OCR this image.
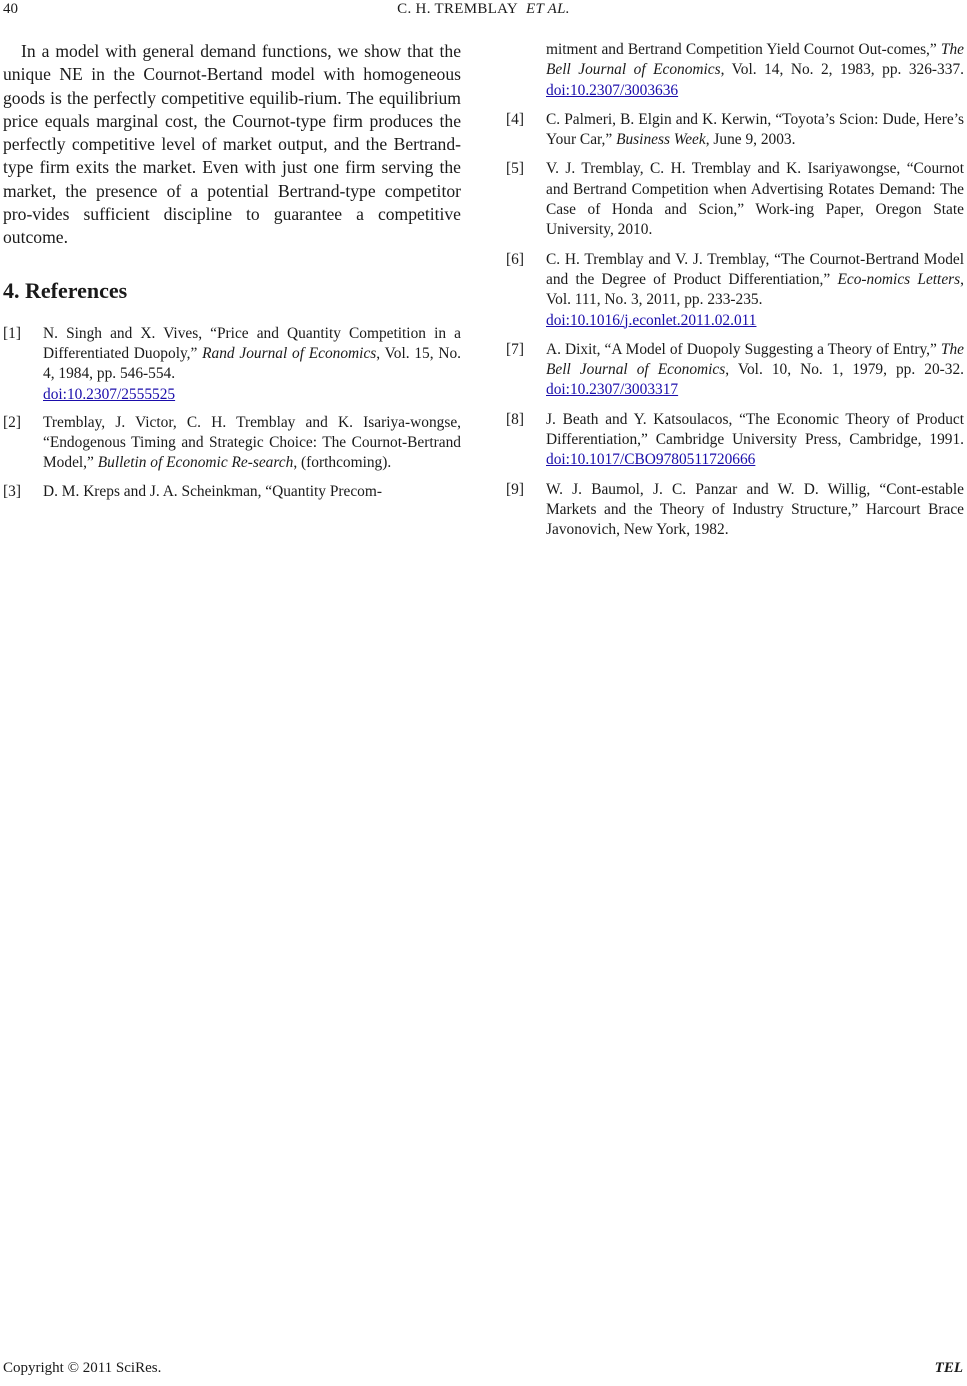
40	C. H. TREMBLAY ET AL.

In a model with general demand functions, we show that the unique NE in the Cournot-Bertand model with homogeneous goods is the perfectly competitive equilib-rium. The equilibrium price equals marginal cost, the Cournot-type firm produces the perfectly competitive level of market output, and the Bertrand-type firm exits the market. Even with just one firm serving the market, the presence of a potential Bertrand-type competitor pro-vides sufficient discipline to guarantee a competitive outcome.

4. References
[1] N. Singh and X. Vives, “Price and Quantity Competition in a Differentiated Duopoly,” Rand Journal of Economics, Vol. 15, No. 4, 1984, pp. 546-554.
doi:10.2307/2555525
[2] Tremblay, J. Victor, C. H. Tremblay and K. Isariya-wongse, “Endogenous Timing and Strategic Choice: The Cournot-Bertrand Model,” Bulletin of Economic Re-search, (forthcoming).
[3] D. M. Kreps and J. A. Scheinkman, “Quantity Precom-
mitment and Bertrand Competition Yield Cournot Out-comes,” The Bell Journal of Economics, Vol. 14, No. 2, 1983, pp. 326-337. doi:10.2307/3003636
[4] C. Palmeri, B. Elgin and K. Kerwin, “Toyota’s Scion: Dude, Here’s Your Car,” Business Week, June 9, 2003.
[5] V. J. Tremblay, C. H. Tremblay and K. Isariyawongse, “Cournot and Bertrand Competition when Advertising Rotates Demand: The Case of Honda and Scion,” Work-ing Paper, Oregon State University, 2010.
[6] C. H. Tremblay and V. J. Tremblay, “The Cournot-Bertrand Model and the Degree of Product Differentiation,” Eco-nomics Letters, Vol. 111, No. 3, 2011, pp. 233-235.
doi:10.1016/j.econlet.2011.02.011
[7] A. Dixit, “A Model of Duopoly Suggesting a Theory of Entry,” The Bell Journal of Economics, Vol. 10, No. 1, 1979, pp. 20-32. doi:10.2307/3003317
[8] J. Beath and Y. Katsoulacos, “The Economic Theory of Product Differentiation,” Cambridge University Press, Cambridge, 1991. doi:10.1017/CBO9780511720666
[9] W. J. Baumol, J. C. Panzar and W. D. Willig, “Cont-estable Markets and the Theory of Industry Structure,” Harcourt Brace Javonovich, New York, 1982.
Copyright © 2011 SciRes.	TEL
